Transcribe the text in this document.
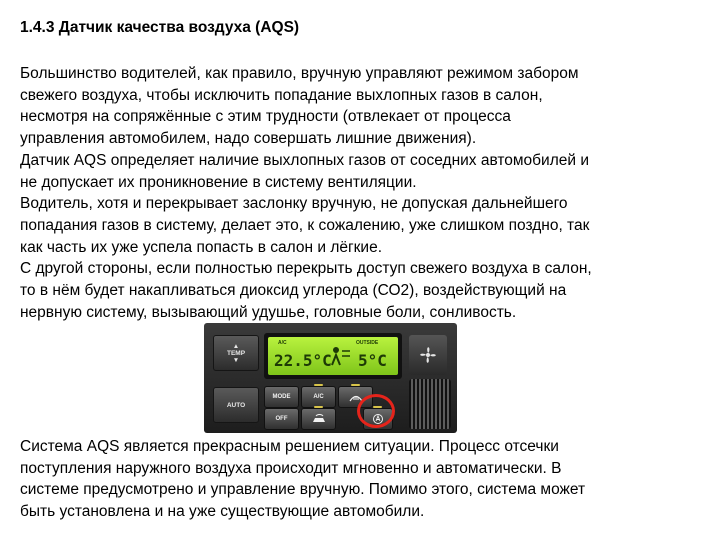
1.4.3 Датчик качества воздуха (AQS)

Большинство водителей, как правило, вручную управляют режимом забором

свежего воздуха, чтобы исключить попадание выхлопных газов в салон,

несмотря на сопряжённые с этим трудности (отвлекает от процесса

управления автомобилем, надо совершать лишние движения).

Датчик AQS определяет наличие выхлопных газов от соседних автомобилей и

не допускает их проникновение в систему вентиляции.

Водитель, хотя и перекрывает заслонку вручную, не допуская дальнейшего

попадания газов в систему, делает это, к сожалению, уже слишком поздно, так

как часть их уже успела попасть в салон и лёгкие.

С другой стороны, если полностью перекрыть доступ свежего воздуха в салон,

то в нём будет накапливаться диоксид углерода (СО2), воздействующий на

нервную систему, вызывающий удушье, головные боли, сонливость.

▲
TEMP
▼
AUTO
A/C	OUTSIDE
22.5°C 5°C
MODE	A/C
OFF

Система AQS является прекрасным решением ситуации. Процесс отсечки

поступления наружного воздуха происходит мгновенно и автоматически. В

системе предусмотрено и управление вручную. Помимо этого, система может

быть установлена и на уже существующие автомобили.
